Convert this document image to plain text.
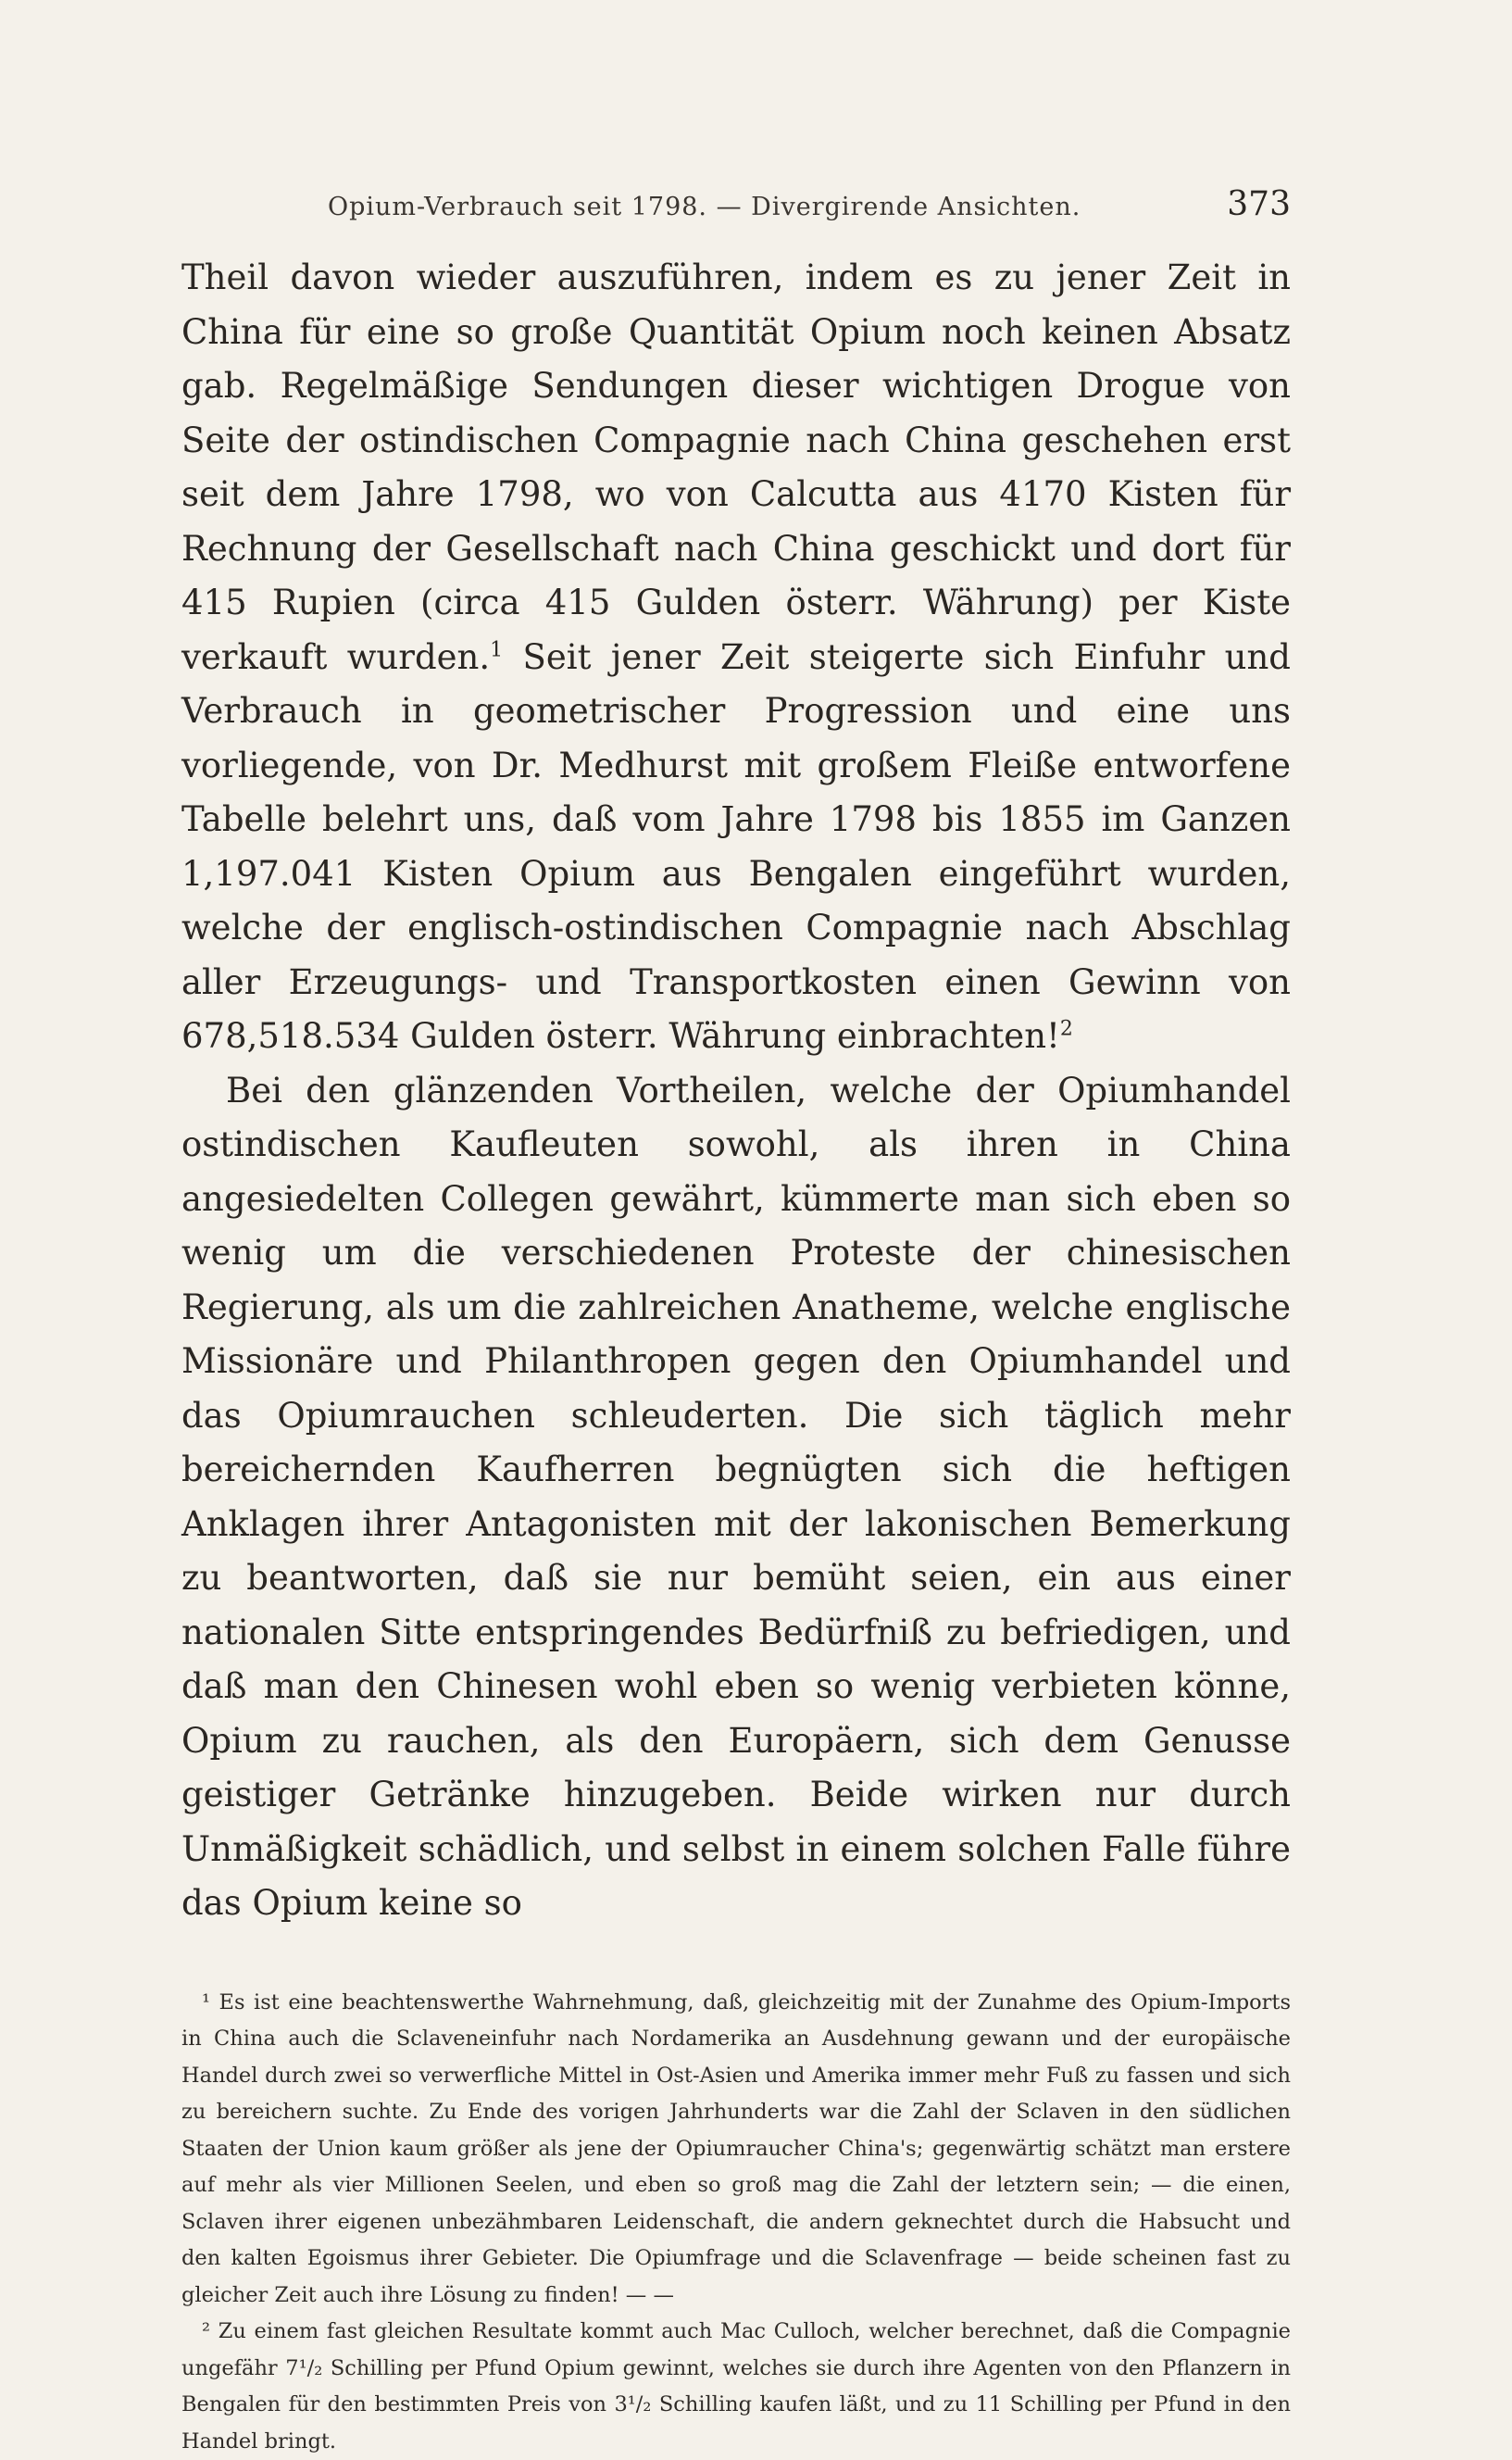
Opium-Verbrauch seit 1798. — Divergirende Ansichten.	373

Theil davon wieder auszuführen, indem es zu jener Zeit in China für eine so große Quantität Opium noch keinen Absatz gab. Regelmäßige Sendungen dieser wichtigen Drogue von Seite der ostindischen Compagnie nach China geschehen erst seit dem Jahre 1798, wo von Calcutta aus 4170 Kisten für Rechnung der Gesellschaft nach China geschickt und dort für 415 Rupien (circa 415 Gulden österr. Währung) per Kiste verkauft wurden.$^1$ Seit jener Zeit steigerte sich Einfuhr und Verbrauch in geometrischer Progression und eine uns vorliegende, von Dr. Medhurst mit großem Fleiße entworfene Tabelle belehrt uns, daß vom Jahre 1798 bis 1855 im Ganzen 1,197.041 Kisten Opium aus Bengalen eingeführt wurden, welche der englisch-ostindischen Compagnie nach Abschlag aller Erzeugungs- und Transportkosten einen Gewinn von 678,518.534 Gulden österr. Währung einbrachten!$^2$

Bei den glänzenden Vortheilen, welche der Opiumhandel ostindischen Kaufleuten sowohl, als ihren in China angesiedelten Collegen gewährt, kümmerte man sich eben so wenig um die verschiedenen Proteste der chinesischen Regierung, als um die zahlreichen Anatheme, welche englische Missionäre und Philanthropen gegen den Opiumhandel und das Opiumrauchen schleuderten. Die sich täglich mehr bereichernden Kaufherren begnügten sich die heftigen Anklagen ihrer Antagonisten mit der lakonischen Bemerkung zu beantworten, daß sie nur bemüht seien, ein aus einer nationalen Sitte entspringendes Bedürfniß zu befriedigen, und daß man den Chinesen wohl eben so wenig verbieten könne, Opium zu rauchen, als den Europäern, sich dem Genusse geistiger Getränke hinzugeben. Beide wirken nur durch Unmäßigkeit schädlich, und selbst in einem solchen Falle führe das Opium keine so

¹ Es ist eine beachtenswerthe Wahrnehmung, daß, gleichzeitig mit der Zunahme des Opium-Imports in China auch die Sclaveneinfuhr nach Nordamerika an Ausdehnung gewann und der europäische Handel durch zwei so verwerfliche Mittel in Ost-Asien und Amerika immer mehr Fuß zu fassen und sich zu bereichern suchte. Zu Ende des vorigen Jahrhunderts war die Zahl der Sclaven in den südlichen Staaten der Union kaum größer als jene der Opiumraucher China's; gegenwärtig schätzt man erstere auf mehr als vier Millionen Seelen, und eben so groß mag die Zahl der letztern sein; — die einen, Sclaven ihrer eigenen unbezähmbaren Leidenschaft, die andern geknechtet durch die Habsucht und den kalten Egoismus ihrer Gebieter. Die Opiumfrage und die Sclavenfrage — beide scheinen fast zu gleicher Zeit auch ihre Lösung zu finden! — —

² Zu einem fast gleichen Resultate kommt auch Mac Culloch, welcher berechnet, daß die Compagnie ungefähr 7¹/₂ Schilling per Pfund Opium gewinnt, welches sie durch ihre Agenten von den Pflanzern in Bengalen für den bestimmten Preis von 3¹/₂ Schilling kaufen läßt, und zu 11 Schilling per Pfund in den Handel bringt.
